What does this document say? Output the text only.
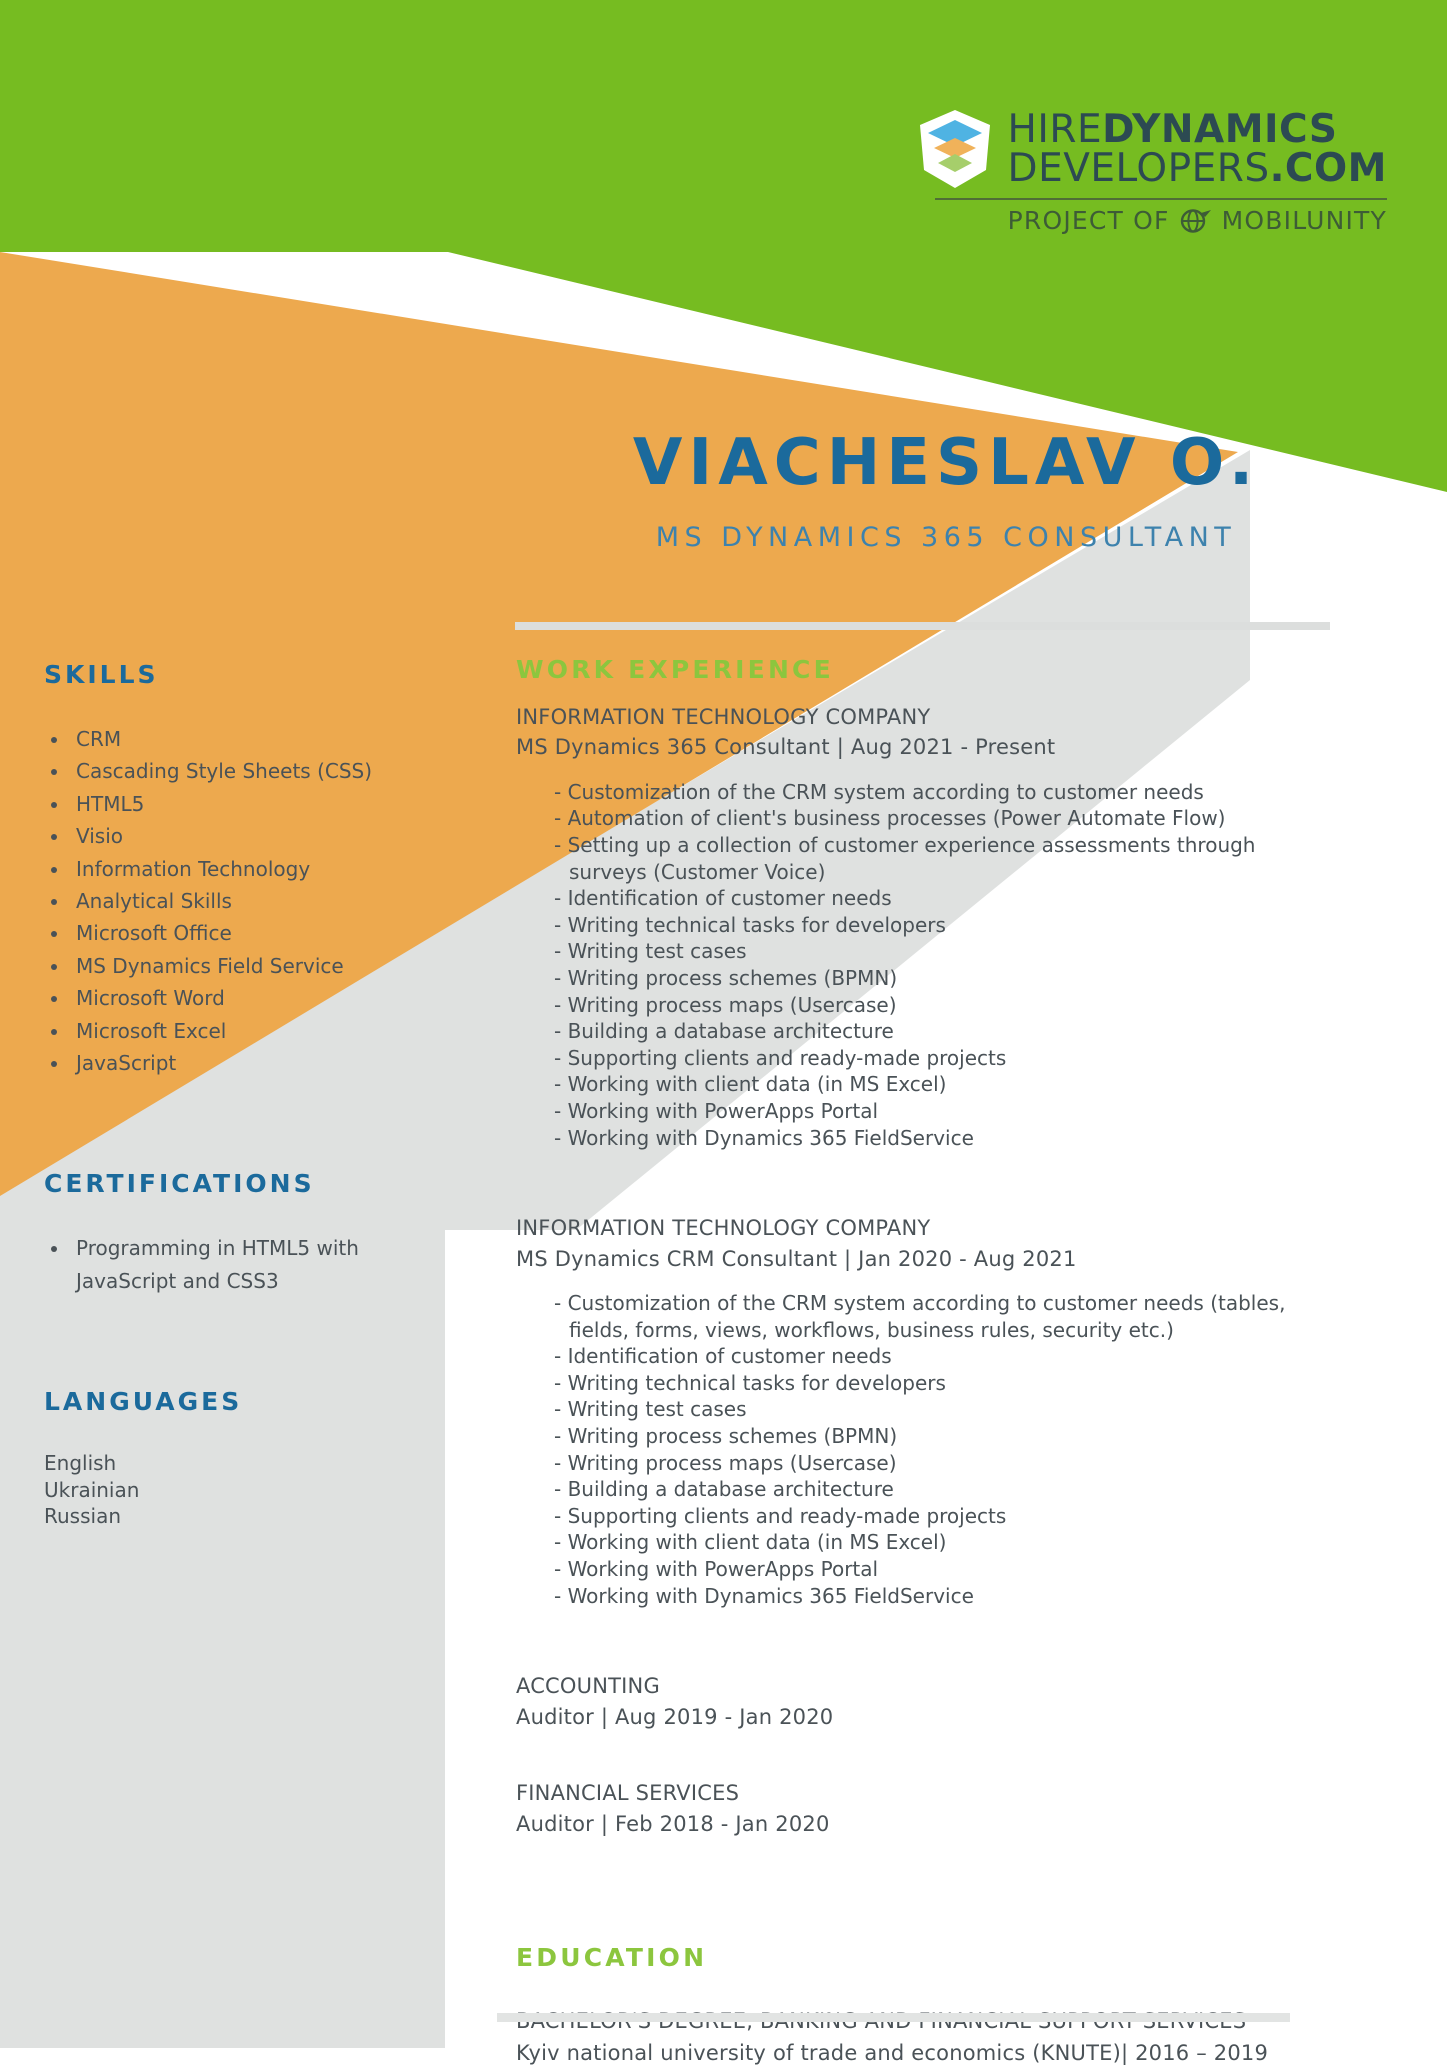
HIREDYNAMICS
DEVELOPERS.COM
PROJECT OF MOBILUNITY
VIACHESLAV O.
MS DYNAMICS 365 CONSULTANT
SKILLS
• CRM
• Cascading Style Sheets (CSS)
• HTML5
• Visio
• Information Technology
• Analytical Skills
• Microsoft Office
• MS Dynamics Field Service
• Microsoft Word
• Microsoft Excel
• JavaScript
CERTIFICATIONS
• Programming in HTML5 with JavaScript and CSS3
LANGUAGES
English
Ukrainian
Russian
WORK EXPERIENCE
INFORMATION TECHNOLOGY COMPANY
MS Dynamics 365 Consultant | Aug 2021 - Present
- Customization of the CRM system according to customer needs
- Automation of client's business processes (Power Automate Flow)
- Setting up a collection of customer experience assessments through surveys (Customer Voice)
- Identification of customer needs
- Writing technical tasks for developers
- Writing test cases
- Writing process schemes (BPMN)
- Writing process maps (Usercase)
- Building a database architecture
- Supporting clients and ready-made projects
- Working with client data (in MS Excel)
- Working with PowerApps Portal
- Working with Dynamics 365 FieldService
INFORMATION TECHNOLOGY COMPANY
MS Dynamics CRM Consultant | Jan 2020 - Aug 2021
- Customization of the CRM system according to customer needs (tables, fields, forms, views, workflows, business rules, security etc.)
- Identification of customer needs
- Writing technical tasks for developers
- Writing test cases
- Writing process schemes (BPMN)
- Writing process maps (Usercase)
- Building a database architecture
- Supporting clients and ready-made projects
- Working with client data (in MS Excel)
- Working with PowerApps Portal
- Working with Dynamics 365 FieldService
ACCOUNTING
Auditor | Aug 2019 - Jan 2020
FINANCIAL SERVICES
Auditor | Feb 2018 - Jan 2020
EDUCATION
Kyiv national university of trade and economics (KNUTE)| 2016 – 2019
